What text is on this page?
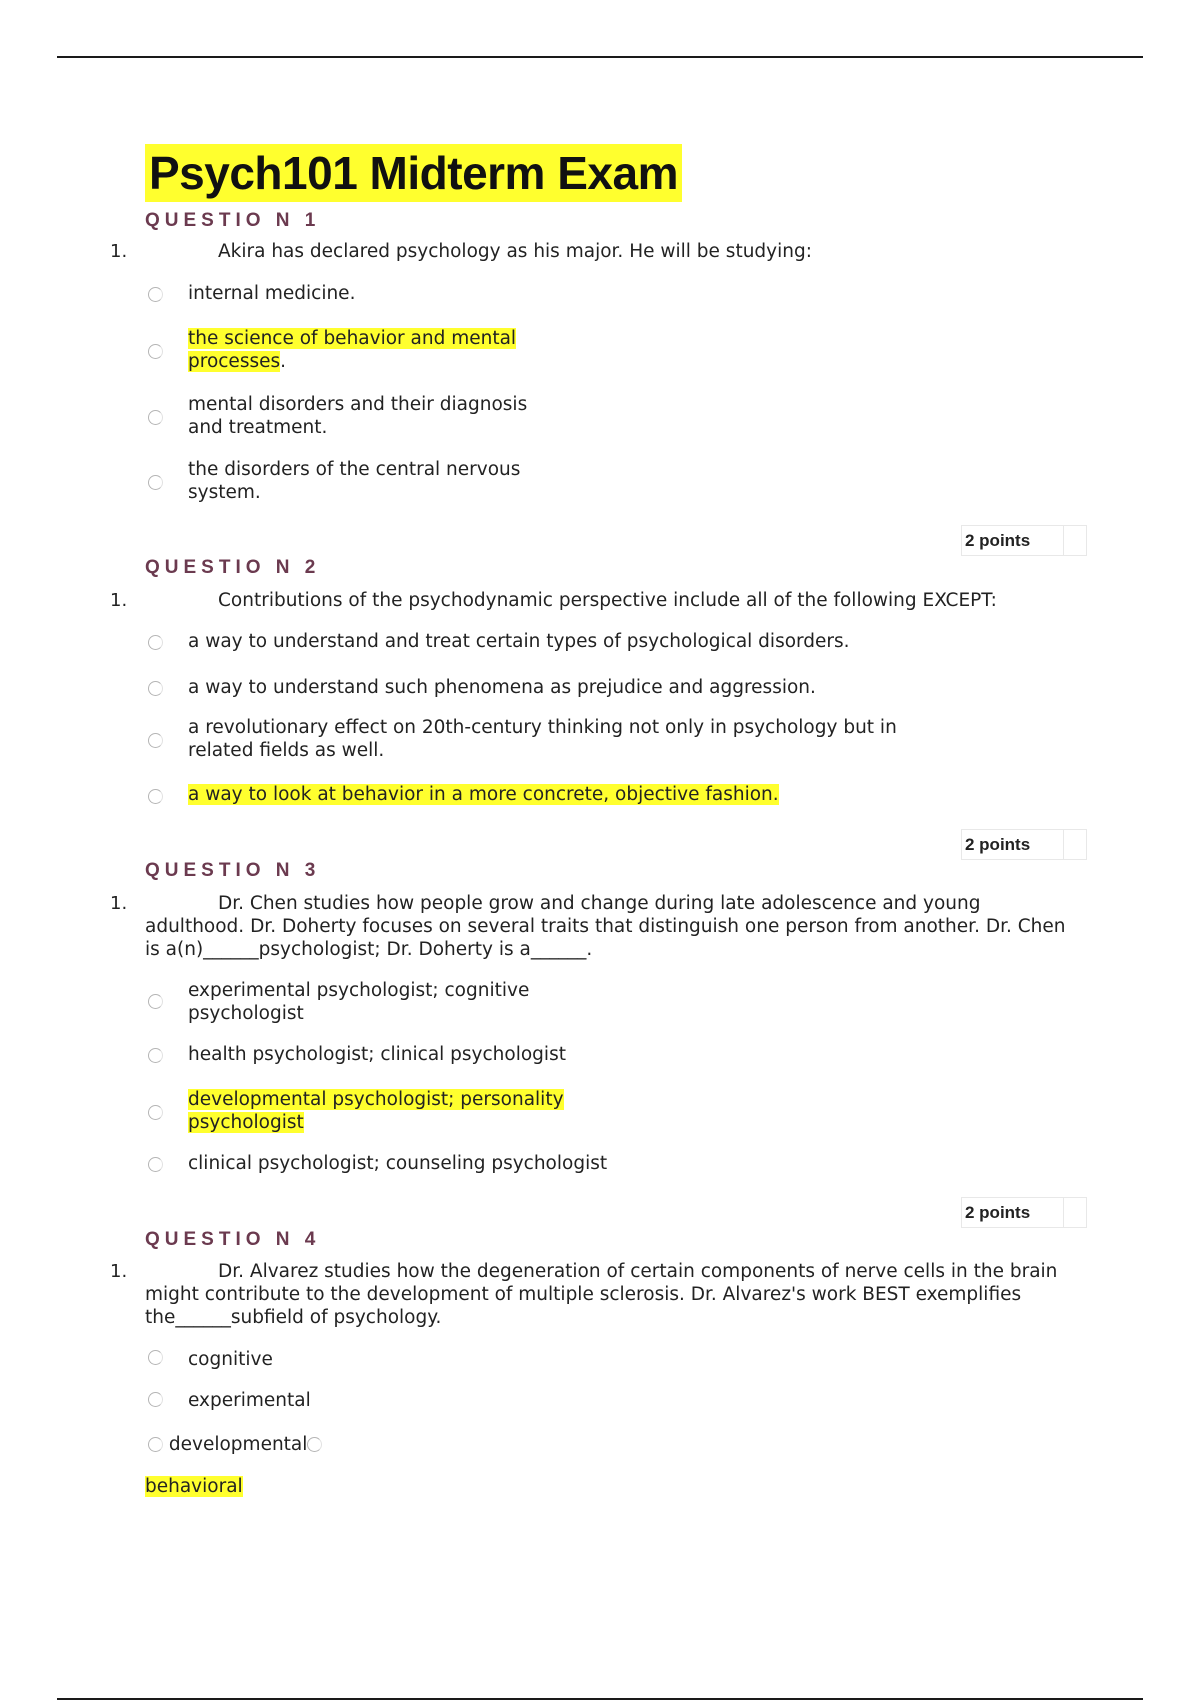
Psych101 Midterm Exam
QUESTIO N 1
1.	Akira has declared psychology as his major. He will be studying:
internal medicine.
the science of behavior and mental
processes.
mental disorders and their diagnosis
and treatment.
the disorders of the central nervous
system.
2 points
QUESTIO N 2
1.	Contributions of the psychodynamic perspective include all of the following EXCEPT:
a way to understand and treat certain types of psychological disorders.
a way to understand such phenomena as prejudice and aggression.
a revolutionary effect on 20th-century thinking not only in psychology but in
related fields as well.
a way to look at behavior in a more concrete, objective fashion.
2 points
QUESTIO N 3
1.	Dr. Chen studies how people grow and change during late adolescence and young adulthood. Dr. Doherty focuses on several traits that distinguish one person from another. Dr. Chen is a(n)______psychologist; Dr. Doherty is a______.
experimental psychologist; cognitive
psychologist
health psychologist; clinical psychologist
developmental psychologist; personality
psychologist
clinical psychologist; counseling psychologist
2 points
QUESTIO N 4
1.	Dr. Alvarez studies how the degeneration of certain components of nerve cells in the brain might contribute to the development of multiple sclerosis. Dr. Alvarez's work BEST exemplifies the______subfield of psychology.
cognitive
experimental
developmental
behavioral
